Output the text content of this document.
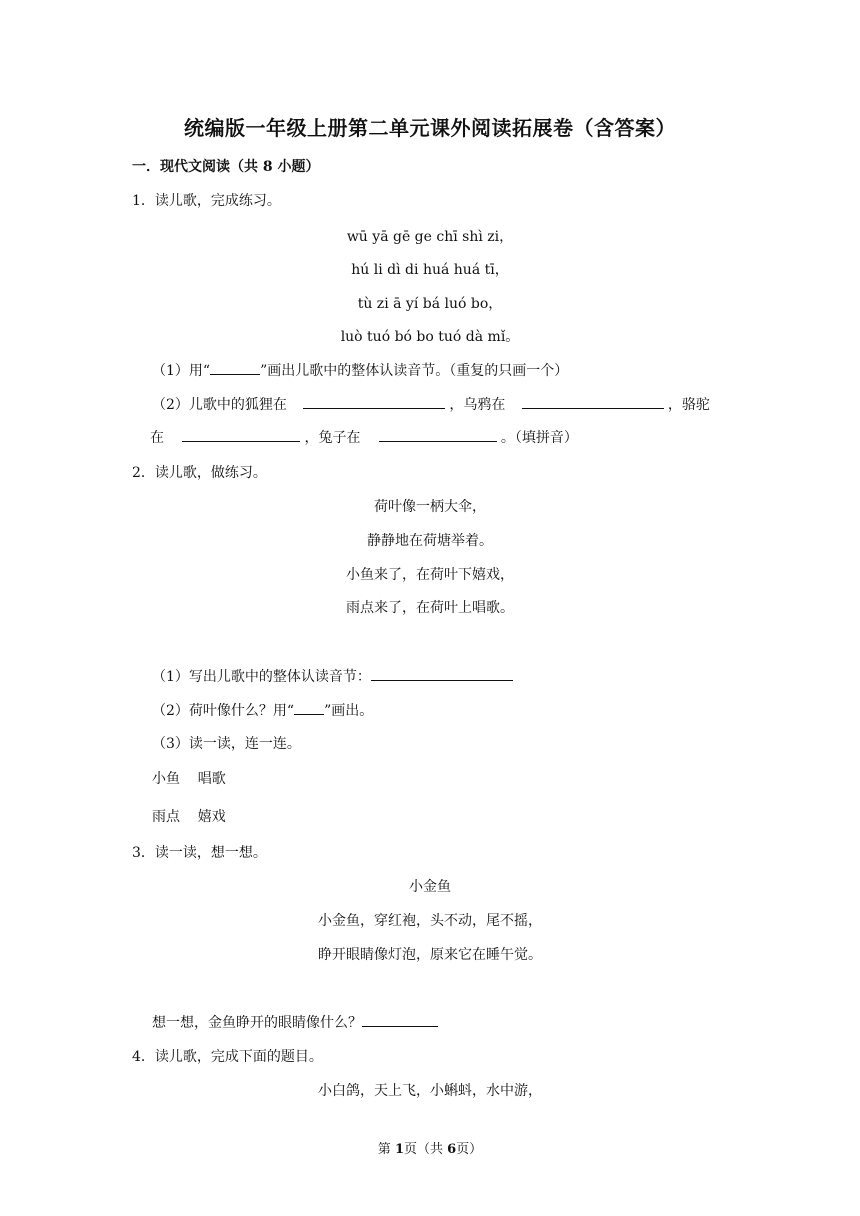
统编版一年级上册第二单元课外阅读拓展卷（含答案）
一．现代文阅读（共 8 小题）
1．读儿歌，完成练习。
wū yā gē ge chī shì zi，
hú li dì di huá huá tī，
tù zi ā yí bá luó bo，
luò tuó bó bo tuó dà mǐ。
（1）用“	”画出儿歌中的整体认读音节。（重复的只画一个）
（2）儿歌中的狐狸在	，乌鸦在	，骆驼
在	，兔子在	。（填拼音）
2．读儿歌，做练习。
荷叶像一柄大伞，
静静地在荷塘举着。
小鱼来了，在荷叶下嬉戏，
雨点来了，在荷叶上唱歌。
（1）写出儿歌中的整体认读音节：
（2）荷叶像什么？用“ ”画出。
（3）读一读，连一连。
小鱼    唱歌
雨点    嬉戏
3．读一读，想一想。
小金鱼
小金鱼，穿红袍，头不动，尾不摇，
睁开眼睛像灯泡，原来它在睡午觉。
想一想，金鱼睁开的眼睛像什么？
4．读儿歌，完成下面的题目。
小白鸽，天上飞，小蝌蚪，水中游，
第 1页（共 6页）
